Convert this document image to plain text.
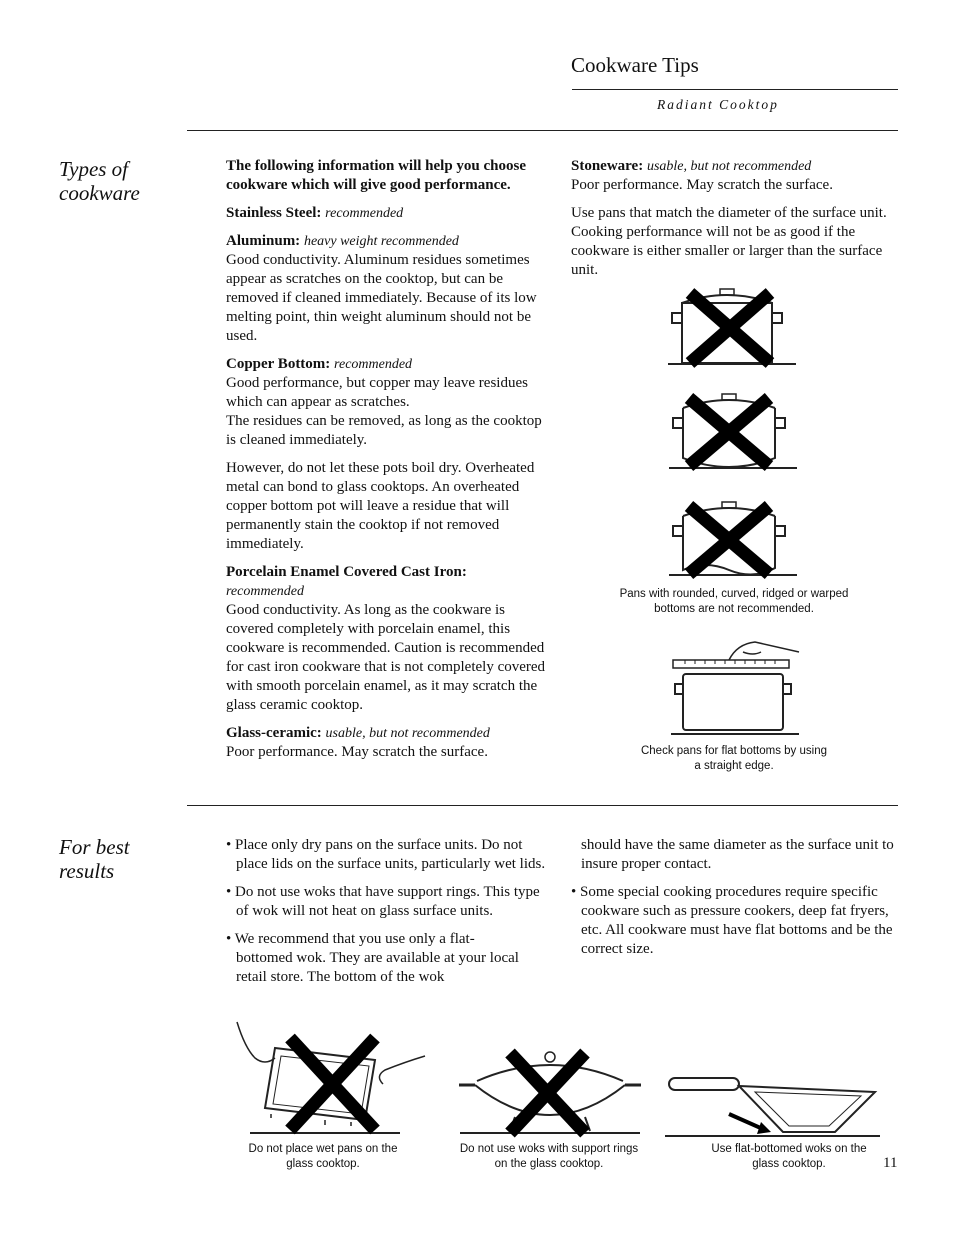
Cookware Tips
Radiant Cooktop
Types of
cookware

The following information will help you choose cookware which will give good performance.

Stainless Steel: recommended

Aluminum: heavy weight recommended
Good conductivity. Aluminum residues sometimes appear as scratches on the cooktop, but can be removed if cleaned immediately. Because of its low melting point, thin weight aluminum should not be used.

Copper Bottom: recommended
Good performance, but copper may leave residues which can appear as scratches.
The residues can be removed, as long as the cooktop is cleaned immediately.

However, do not let these pots boil dry. Overheated metal can bond to glass cooktops. An overheated copper bottom pot will leave a residue that will permanently stain the cooktop if not removed immediately.

Porcelain Enamel Covered Cast Iron:
recommended
Good conductivity. As long as the cookware is covered completely with porcelain enamel, this cookware is recommended. Caution is recommended for cast iron cookware that is not completely covered with smooth porcelain enamel, as it may scratch the glass ceramic cooktop.

Glass-ceramic: usable, but not recommended
Poor performance. May scratch the surface.

Stoneware: usable, but not recommended
Poor performance. May scratch the surface.

Use pans that match the diameter of the surface unit. Cooking performance will not be as good if the cookware is either smaller or larger than the surface unit.

Pans with rounded, curved, ridged or warped bottoms are not recommended.
Check pans for flat bottoms by using a straight edge.
For best
results

• Place only dry pans on the surface units. Do not place lids on the surface units, particularly wet lids.

• Do not use woks that have support rings. This type of wok will not heat on glass surface units.

• We recommend that you use only a flat-bottomed wok. They are available at your local retail store. The bottom of the wok

should have the same diameter as the surface unit to insure proper contact.

• Some special cooking procedures require specific cookware such as pressure cookers, deep fat fryers, etc. All cookware must have flat bottoms and be the correct size.

Do not place wet pans on the glass cooktop.
Do not use woks with support rings on the glass cooktop.
Use flat-bottomed woks on the glass cooktop.	11
